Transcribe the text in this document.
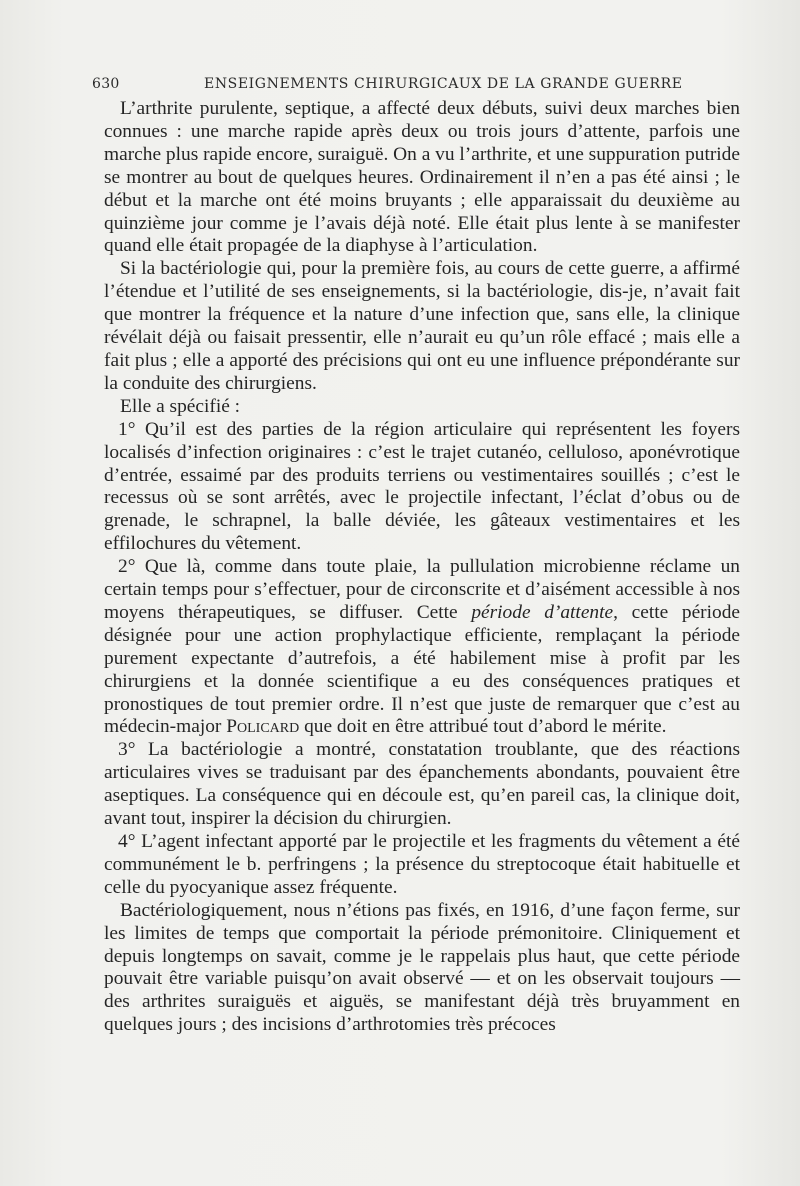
630	ENSEIGNEMENTS CHIRURGICAUX DE LA GRANDE GUERRE

L’arthrite purulente, septique, a affecté deux débuts, suivi deux marches bien connues : une marche rapide après deux ou trois jours d’attente, parfois une marche plus rapide encore, suraiguë. On a vu l’arthrite, et une suppuration putride se montrer au bout de quelques heures. Ordinairement il n’en a pas été ainsi ; le début et la marche ont été moins bruyants ; elle apparaissait du deuxième au quinzième jour comme je l’avais déjà noté. Elle était plus lente à se manifester quand elle était propagée de la diaphyse à l’articulation.

Si la bactériologie qui, pour la première fois, au cours de cette guerre, a affirmé l’étendue et l’utilité de ses enseignements, si la bactériologie, dis-je, n’avait fait que montrer la fréquence et la nature d’une infection que, sans elle, la clinique révélait déjà ou faisait pressentir, elle n’aurait eu qu’un rôle effacé ; mais elle a fait plus ; elle a apporté des précisions qui ont eu une influence prépondérante sur la conduite des chirurgiens.

Elle a spécifié :

1° Qu’il est des parties de la région articulaire qui représentent les foyers localisés d’infection originaires : c’est le trajet cutanéo, celluloso, aponévrotique d’entrée, essaimé par des produits terriens ou vestimentaires souillés ; c’est le recessus où se sont arrêtés, avec le projectile infectant, l’éclat d’obus ou de grenade, le schrapnel, la balle déviée, les gâteaux vestimentaires et les effilochures du vêtement.

2° Que là, comme dans toute plaie, la pullulation microbienne réclame un certain temps pour s’effectuer, pour de circonscrite et d’aisément accessible à nos moyens thérapeutiques, se diffuser. Cette période d’attente, cette période désignée pour une action prophylactique efficiente, remplaçant la période purement expectante d’autrefois, a été habilement mise à profit par les chirurgiens et la donnée scientifique a eu des conséquences pratiques et pronostiques de tout premier ordre. Il n’est que juste de remarquer que c’est au médecin-major Policard que doit en être attribué tout d’abord le mérite.

3° La bactériologie a montré, constatation troublante, que des réactions articulaires vives se traduisant par des épanchements abondants, pouvaient être aseptiques. La conséquence qui en découle est, qu’en pareil cas, la clinique doit, avant tout, inspirer la décision du chirurgien.

4° L’agent infectant apporté par le projectile et les fragments du vêtement a été communément le b. perfringens ; la présence du streptocoque était habituelle et celle du pyocyanique assez fréquente.

Bactériologiquement, nous n’étions pas fixés, en 1916, d’une façon ferme, sur les limites de temps que comportait la période prémonitoire. Cliniquement et depuis longtemps on savait, comme je le rappelais plus haut, que cette période pouvait être variable puisqu’on avait observé — et on les observait toujours — des arthrites suraiguës et aiguës, se manifestant déjà très bruyamment en quelques jours ; des incisions d’arthrotomies très précoces
